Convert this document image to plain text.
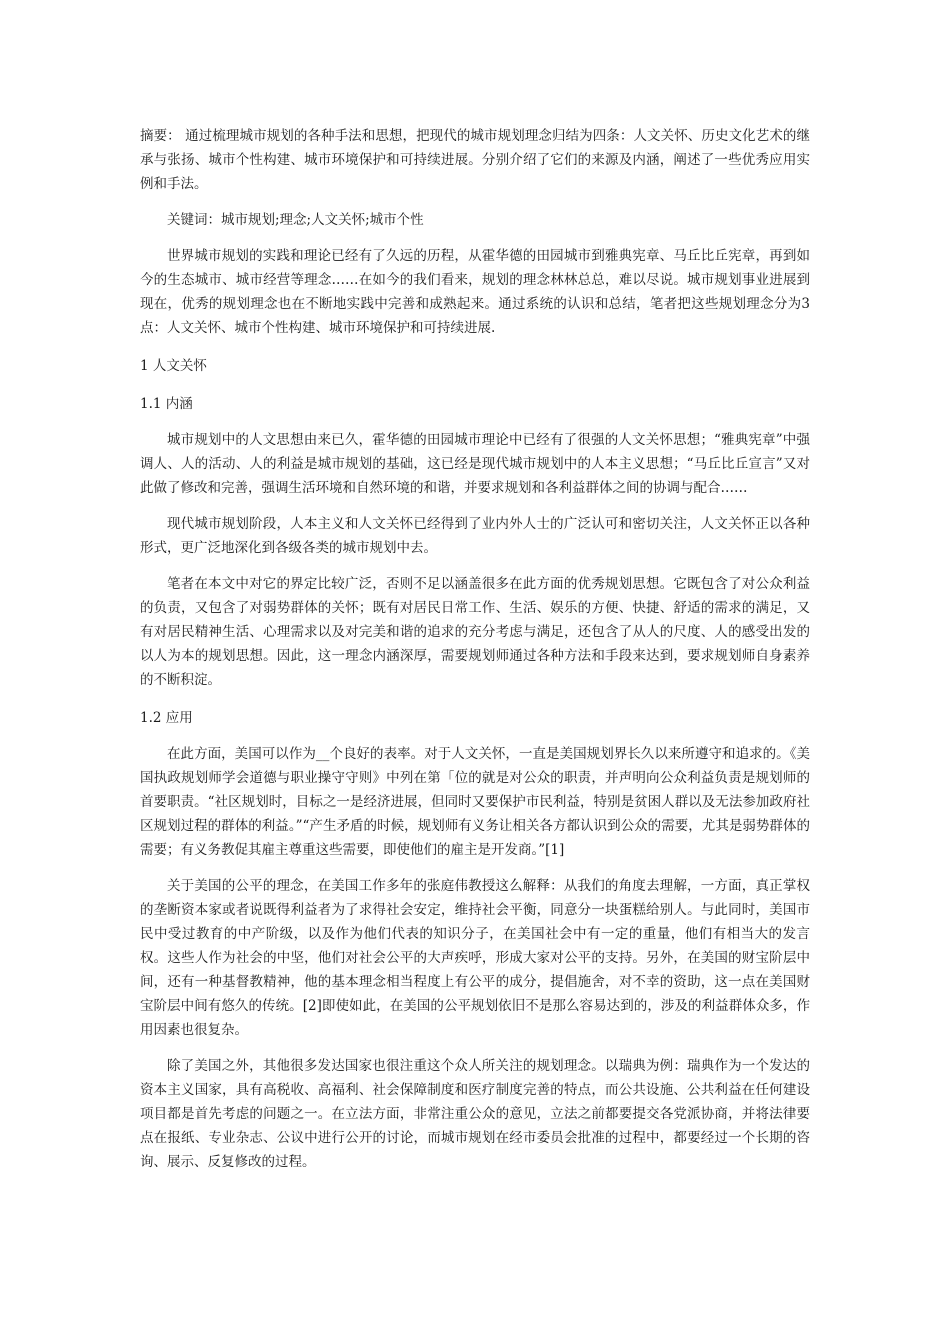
摘要： 通过梳理城市规划的各种手法和思想，把现代的城市规划理念归结为四条：人文关怀、历史文化艺术的继承与张扬、城市个性构建、城市环境保护和可持续进展。分别介绍了它们的来源及内涵，阐述了一些优秀应用实例和手法。

关键词：城市规划;理念;人文关怀;城市个性

世界城市规划的实践和理论已经有了久远的历程，从霍华德的田园城市到雅典宪章、马丘比丘宪章，再到如今的生态城市、城市经营等理念……在如今的我们看来，规划的理念林林总总，难以尽说。城市规划事业进展到现在，优秀的规划理念也在不断地实践中完善和成熟起来。通过系统的认识和总结，笔者把这些规划理念分为3点：人文关怀、城市个性构建、城市环境保护和可持续进展.

1 人文关怀

1.1 内涵

城市规划中的人文思想由来已久，霍华德的田园城市理论中已经有了很强的人文关怀思想；“雅典宪章”中强调人、人的活动、人的利益是城市规划的基础，这已经是现代城市规划中的人本主义思想；“马丘比丘宣言”又对此做了修改和完善，强调生活环境和自然环境的和谐，并要求规划和各利益群体之间的协调与配合……

现代城市规划阶段，人本主义和人文关怀已经得到了业内外人士的广泛认可和密切关注，人文关怀正以各种形式，更广泛地深化到各级各类的城市规划中去。

笔者在本文中对它的界定比较广泛，否则不足以涵盖很多在此方面的优秀规划思想。它既包含了对公众利益的负责，又包含了对弱势群体的关怀；既有对居民日常工作、生活、娱乐的方便、快捷、舒适的需求的满足，又有对居民精神生活、心理需求以及对完美和谐的追求的充分考虑与满足，还包含了从人的尺度、人的感受出发的以人为本的规划思想。因此，这一理念内涵深厚，需要规划师通过各种方法和手段来达到，要求规划师自身素养的不断积淀。

1.2 应用

在此方面，美国可以作为__个良好的表率。对于人文关怀，一直是美国规划界长久以来所遵守和追求的。《美国执政规划师学会道德与职业操守守则》中列在第「位的就是对公众的职责，并声明向公众利益负责是规划师的首要职责。“社区规划时，目标之一是经济进展，但同时又要保护市民利益，特别是贫困人群以及无法参加政府社区规划过程的群体的利益。”“产生矛盾的时候，规划师有义务让相关各方都认识到公众的需要，尤其是弱势群体的需要；有义务教促其雇主尊重这些需要，即使他们的雇主是开发商。”[1]

关于美国的公平的理念，在美国工作多年的张庭伟教授这么解释：从我们的角度去理解，一方面，真正掌权的垄断资本家或者说既得利益者为了求得社会安定，维持社会平衡，同意分一块蛋糕给别人。与此同时，美国市民中受过教育的中产阶级，以及作为他们代表的知识分子，在美国社会中有一定的重量，他们有相当大的发言权。这些人作为社会的中坚，他们对社会公平的大声疾呼，形成大家对公平的支持。另外，在美国的财宝阶层中间，还有一种基督教精神，他的基本理念相当程度上有公平的成分，提倡施舍，对不幸的资助，这一点在美国财宝阶层中间有悠久的传统。[2]即使如此，在美国的公平规划依旧不是那么容易达到的，涉及的利益群体众多，作用因素也很复杂。

除了美国之外，其他很多发达国家也很注重这个众人所关注的规划理念。以瑞典为例：瑞典作为一个发达的资本主义国家，具有高税收、高福利、社会保障制度和医疗制度完善的特点，而公共设施、公共利益在任何建设项目都是首先考虑的问题之一。在立法方面，非常注重公众的意见，立法之前都要提交各党派协商，并将法律要点在报纸、专业杂志、公议中进行公开的讨论，而城市规划在经市委员会批准的过程中，都要经过一个长期的咨询、展示、反复修改的过程。
